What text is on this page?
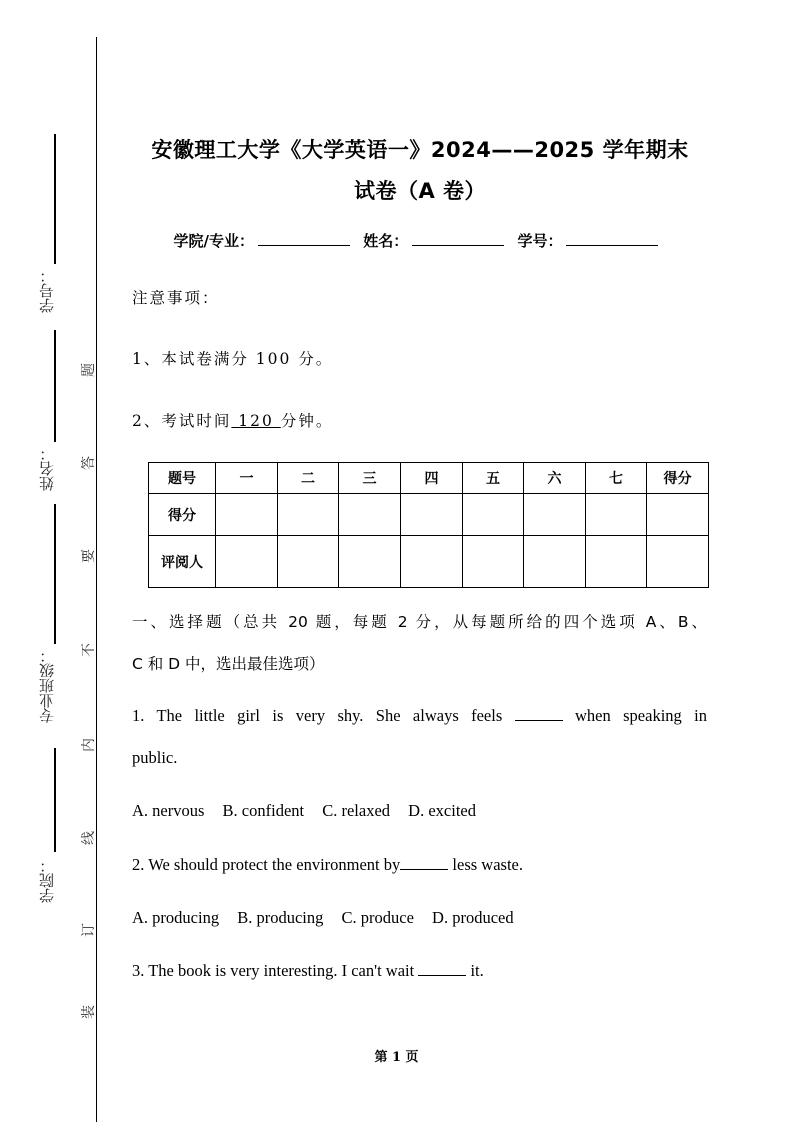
学号：
姓名：
专业班级：
学院：
题
答
要
不
内
线
订
装
安徽理工大学《大学英语一》2024——2025 学年期末
试卷（A 卷）
学院/专业：	姓名：	学号：
注意事项：
1、本试卷满分 100 分。
2、考试时间 120 分钟。
题号	一	二	三	四	五	六	七	得分
得分								
评阅人								
一、选择题（总共 20 题，每题 2 分，从每题所给的四个选项 A、B、
C 和 D 中，选出最佳选项）
1. The little girl is very shy. She always feels	when speaking in
public.
A. nervous B. confident C. relaxed D. excited
2. We should protect the environment by	less waste.
A. producing B. producing C. produce D. produced
3. The book is very interesting. I can't wait	it.
第 1 页
